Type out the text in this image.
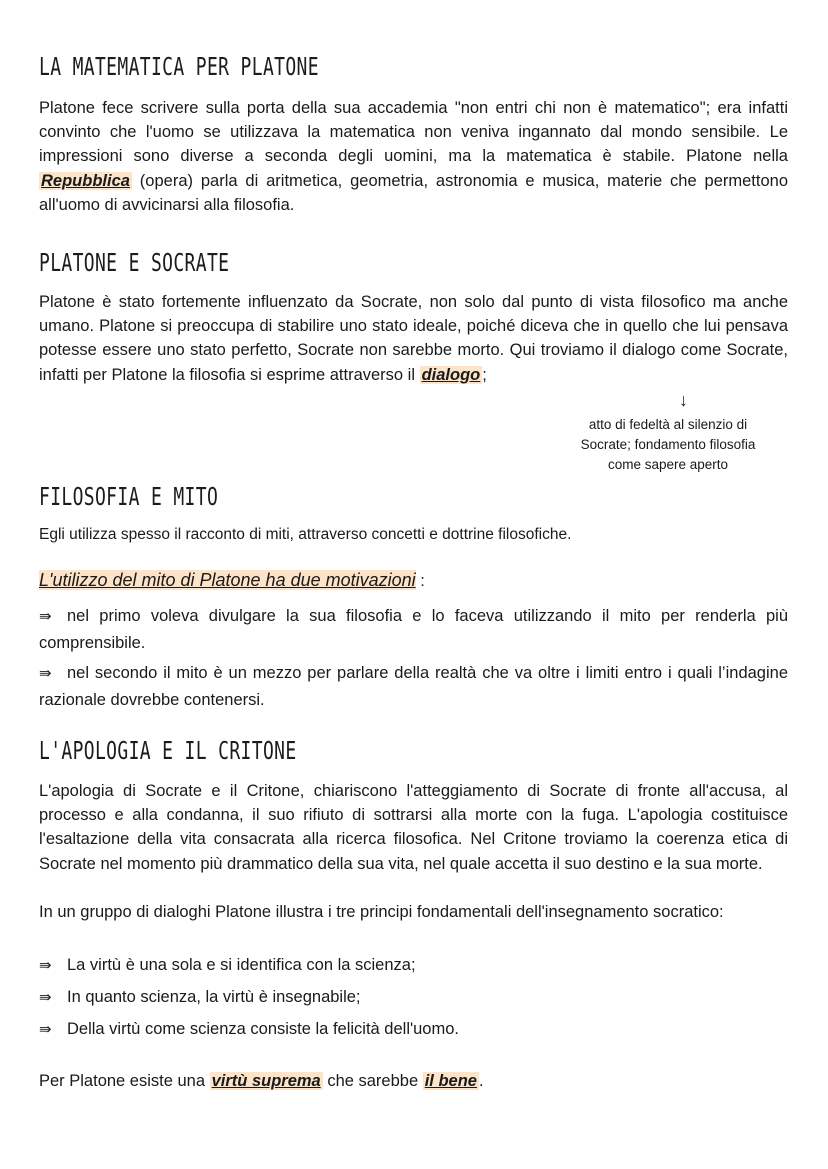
LA MATEMATICA PER PLATONE

Platone fece scrivere sulla porta della sua accademia "non entri chi non è matematico"; era infatti convinto che l'uomo se utilizzava la matematica non veniva ingannato dal mondo sensibile. Le impressioni sono diverse a seconda degli uomini, ma la matematica è stabile. Platone nella Repubblica (opera) parla di aritmetica, geometria, astronomia e musica, materie che permettono all'uomo di avvicinarsi alla filosofia.

PLATONE E SOCRATE

Platone è stato fortemente influenzato da Socrate, non solo dal punto di vista filosofico ma anche umano. Platone si preoccupa di stabilire uno stato ideale, poiché diceva che in quello che lui pensava potesse essere uno stato perfetto, Socrate non sarebbe morto. Qui troviamo il dialogo come Socrate, infatti per Platone la filosofia si esprime attraverso il dialogo ;

↓
atto di fedeltà al silenzio di Socrate; fondamento filosofia come sapere aperto
FILOSOFIA E MITO
Egli utilizza spesso il racconto di miti, attraverso concetti e dottrine filosofiche.
L'utilizzo del mito di Platone ha due motivazioni :

⇛ nel primo voleva divulgare la sua filosofia e lo faceva utilizzando il mito per renderla più comprensibile.

⇛ nel secondo il mito è un mezzo per parlare della realtà che va oltre i limiti entro i quali l’indagine razionale dovrebbe contenersi.

L'APOLOGIA E IL CRITONE

L'apologia di Socrate e il Critone, chiariscono l'atteggiamento di Socrate di fronte all'accusa, al processo e alla condanna, il suo rifiuto di sottrarsi alla morte con la fuga. L'apologia costituisce l'esaltazione della vita consacrata alla ricerca filosofica. Nel Critone troviamo la coerenza etica di Socrate nel momento più drammatico della sua vita, nel quale accetta il suo destino e la sua morte.

In un gruppo di dialoghi Platone illustra i tre principi fondamentali dell'insegnamento socratico:

⇛ La virtù è una sola e si identifica con la scienza;
⇛ In quanto scienza, la virtù è insegnabile;
⇛ Della virtù come scienza consiste la felicità dell'uomo.
Per Platone esiste una virtù suprema che sarebbe il bene .
